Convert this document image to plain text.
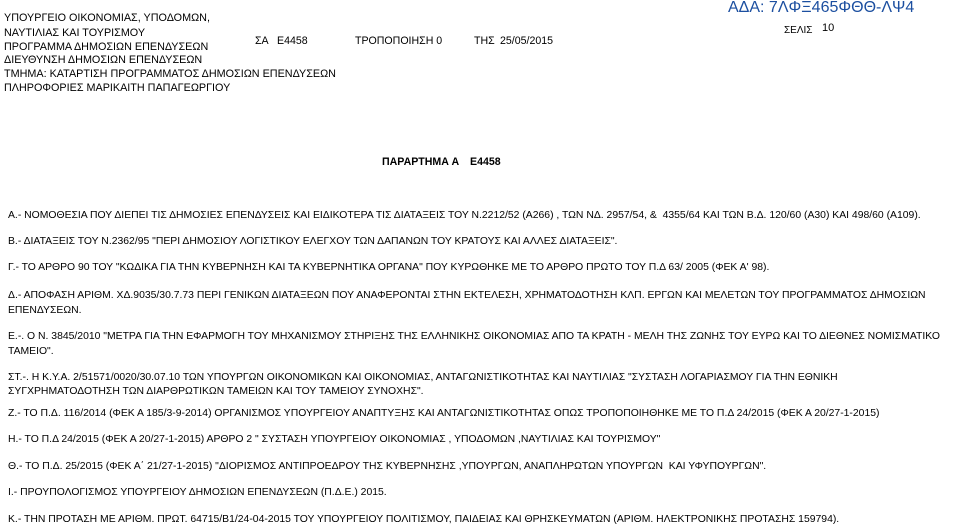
ΥΠΟΥΡΓΕΙΟ ΟΙΚΟΝΟΜΙΑΣ, ΥΠΟΔΟΜΩΝ,
ΝΑΥΤΙΛΙΑΣ ΚΑΙ ΤΟΥΡΙΣΜΟΥ
ΠΡΟΓΡΑΜΜΑ ΔΗΜΟΣΙΩΝ ΕΠΕΝΔΥΣΕΩΝ
ΔΙΕΥΘΥΝΣΗ ΔΗΜΟΣΙΩΝ ΕΠΕΝΔΥΣΕΩΝ
ΤΜΗΜΑ: ΚΑΤΑΡΤΙΣΗ ΠΡΟΓΡΑΜΜΑΤΟΣ ΔΗΜΟΣΙΩΝ ΕΠΕΝΔΥΣΕΩΝ
ΠΛΗΡΟΦΟΡΙΕΣ ΜΑΡΙΚΑΙΤΗ ΠΑΠΑΓΕΩΡΓΙΟΥ
ΣΑ Ε4458	ΤΡΟΠΟΠΟΙΗΣΗ 0	ΤΗΣ 25/05/2015
ΑΔΑ: 7ΛΦΞ465ΦΘΘ-ΛΨ4
ΣΕΛΙΣ 10
ΠΑΡΑΡΤΗΜΑ Α Ε4458
Α.- ΝΟΜΟΘΕΣΙΑ ΠΟΥ ΔΙΕΠΕΙ ΤΙΣ ΔΗΜΟΣΙΕΣ ΕΠΕΝΔΥΣΕΙΣ ΚΑΙ ΕΙΔΙΚΟΤΕΡΑ ΤΙΣ ΔΙΑΤΑΞΕΙΣ ΤΟΥ Ν.2212/52 (Α266) , ΤΩΝ ΝΔ. 2957/54, &  4355/64 ΚΑΙ ΤΩΝ Β.Δ. 120/60 (Α30) ΚΑΙ 498/60 (Α109).
Β.- ΔΙΑΤΑΞΕΙΣ ΤΟΥ Ν.2362/95 "ΠΕΡΙ ΔΗΜΟΣΙΟΥ ΛΟΓΙΣΤΙΚΟΥ ΕΛΕΓΧΟΥ ΤΩΝ ΔΑΠΑΝΩΝ ΤΟΥ ΚΡΑΤΟΥΣ ΚΑΙ ΑΛΛΕΣ ΔΙΑΤΑΞΕΙΣ".
Γ.- ΤΟ ΑΡΘΡΟ 90 ΤΟΥ "ΚΩΔΙΚΑ ΓΙΑ ΤΗΝ ΚΥΒΕΡΝΗΣΗ ΚΑΙ ΤΑ ΚΥΒΕΡΝΗΤΙΚΑ ΟΡΓΑΝΑ" ΠΟΥ ΚΥΡΩΘΗΚΕ ΜΕ ΤΟ ΑΡΘΡΟ ΠΡΩΤΟ ΤΟΥ Π.Δ 63/ 2005 (ΦΕΚ Α' 98).
Δ.- ΑΠΟΦΑΣΗ ΑΡΙΘΜ. ΧΔ.9035/30.7.73 ΠΕΡΙ ΓΕΝΙΚΩΝ ΔΙΑΤΑΞΕΩΝ ΠΟΥ ΑΝΑΦΕΡΟΝΤΑΙ ΣΤΗΝ ΕΚΤΕΛΕΣΗ, ΧΡΗΜΑΤΟΔΟΤΗΣΗ ΚΛΠ. ΕΡΓΩΝ ΚΑΙ ΜΕΛΕΤΩΝ ΤΟΥ ΠΡΟΓΡΑΜΜΑΤΟΣ ΔΗΜΟΣΙΩΝ
ΕΠΕΝΔΥΣΕΩΝ.
Ε.-. Ο Ν. 3845/2010 "ΜΕΤΡΑ ΓΙΑ ΤΗΝ ΕΦΑΡΜΟΓΗ ΤΟΥ ΜΗΧΑΝΙΣΜΟΥ ΣΤΗΡΙΞΗΣ ΤΗΣ ΕΛΛΗΝΙΚΗΣ ΟΙΚΟΝΟΜΙΑΣ ΑΠΟ ΤΑ ΚΡΑΤΗ - ΜΕΛΗ ΤΗΣ ΖΩΝΗΣ ΤΟΥ ΕΥΡΩ ΚΑΙ ΤΟ ΔΙΕΘΝΕΣ ΝΟΜΙΣΜΑΤΙΚΟ
ΤΑΜΕΙΟ".
ΣΤ.-. Η Κ.Υ.Α. 2/51571/0020/30.07.10 ΤΩΝ ΥΠΟΥΡΓΩΝ ΟΙΚΟΝΟΜΙΚΩΝ ΚΑΙ ΟΙΚΟΝΟΜΙΑΣ, ΑΝΤΑΓΩΝΙΣΤΙΚΟΤΗΤΑΣ ΚΑΙ ΝΑΥΤΙΛΙΑΣ "ΣΥΣΤΑΣΗ ΛΟΓΑΡΙΑΣΜΟΥ ΓΙΑ ΤΗΝ ΕΘΝΙΚΗ
ΣΥΓΧΡΗΜΑΤΟΔΟΤΗΣΗ ΤΩΝ ΔΙΑΡΘΡΩΤΙΚΩΝ ΤΑΜΕΙΩΝ ΚΑΙ ΤΟΥ ΤΑΜΕΙΟΥ ΣΥΝΟΧΗΣ".
Ζ.- ΤΟ Π.Δ. 116/2014 (ΦΕΚ Α 185/3-9-2014) ΟΡΓΑΝΙΣΜΟΣ ΥΠΟΥΡΓΕΙΟΥ ΑΝΑΠΤΥΞΗΣ ΚΑΙ ΑΝΤΑΓΩΝΙΣΤΙΚΟΤΗΤΑΣ ΟΠΩΣ ΤΡΟΠΟΠΟΙΗΘΗΚΕ ΜΕ ΤΟ Π.Δ 24/2015 (ΦΕΚ Α 20/27-1-2015)
Η.- ΤΟ Π.Δ 24/2015 (ΦΕΚ Α 20/27-1-2015) ΑΡΘΡΟ 2 " ΣΥΣΤΑΣΗ ΥΠΟΥΡΓΕΙΟΥ ΟΙΚΟΝΟΜΙΑΣ , ΥΠΟΔΟΜΩΝ ,ΝΑΥΤΙΛΙΑΣ ΚΑΙ ΤΟΥΡΙΣΜΟΥ"
Θ.- ΤΟ Π.Δ. 25/2015 (ΦΕΚ Α΄ 21/27-1-2015) "ΔΙΟΡΙΣΜΟΣ ΑΝΤΙΠΡΟΕΔΡΟΥ ΤΗΣ ΚΥΒΕΡΝΗΣΗΣ ,ΥΠΟΥΡΓΩΝ, ΑΝΑΠΛΗΡΩΤΩΝ ΥΠΟΥΡΓΩΝ  ΚΑΙ ΥΦΥΠΟΥΡΓΩΝ".
Ι.- ΠΡΟΥΠΟΛΟΓΙΣΜΟΣ ΥΠΟΥΡΓΕΙΟΥ ΔΗΜΟΣΙΩΝ ΕΠΕΝΔΥΣΕΩΝ (Π.Δ.Ε.) 2015.
Κ.- ΤΗΝ ΠΡΟΤΑΣΗ ΜΕ ΑΡΙΘΜ. ΠΡΩΤ. 64715/Β1/24-04-2015 ΤΟΥ ΥΠΟΥΡΓΕΙΟΥ ΠΟΛΙΤΙΣΜΟΥ, ΠΑΙΔΕΙΑΣ ΚΑΙ ΘΡΗΣΚΕΥΜΑΤΩΝ (ΑΡΙΘΜ. ΗΛΕΚΤΡΟΝΙΚΗΣ ΠΡΟΤΑΣΗΣ 159794).
